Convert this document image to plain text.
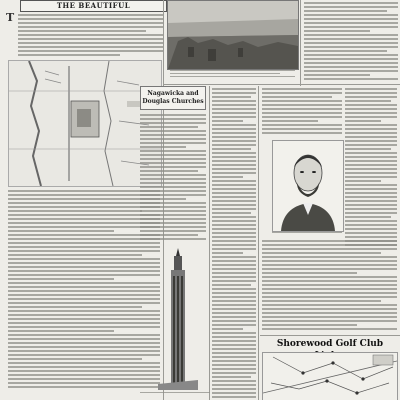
THE BEAUTIFUL
T
Nagawicka and Douglas Churches
Shorewood Golf Club
